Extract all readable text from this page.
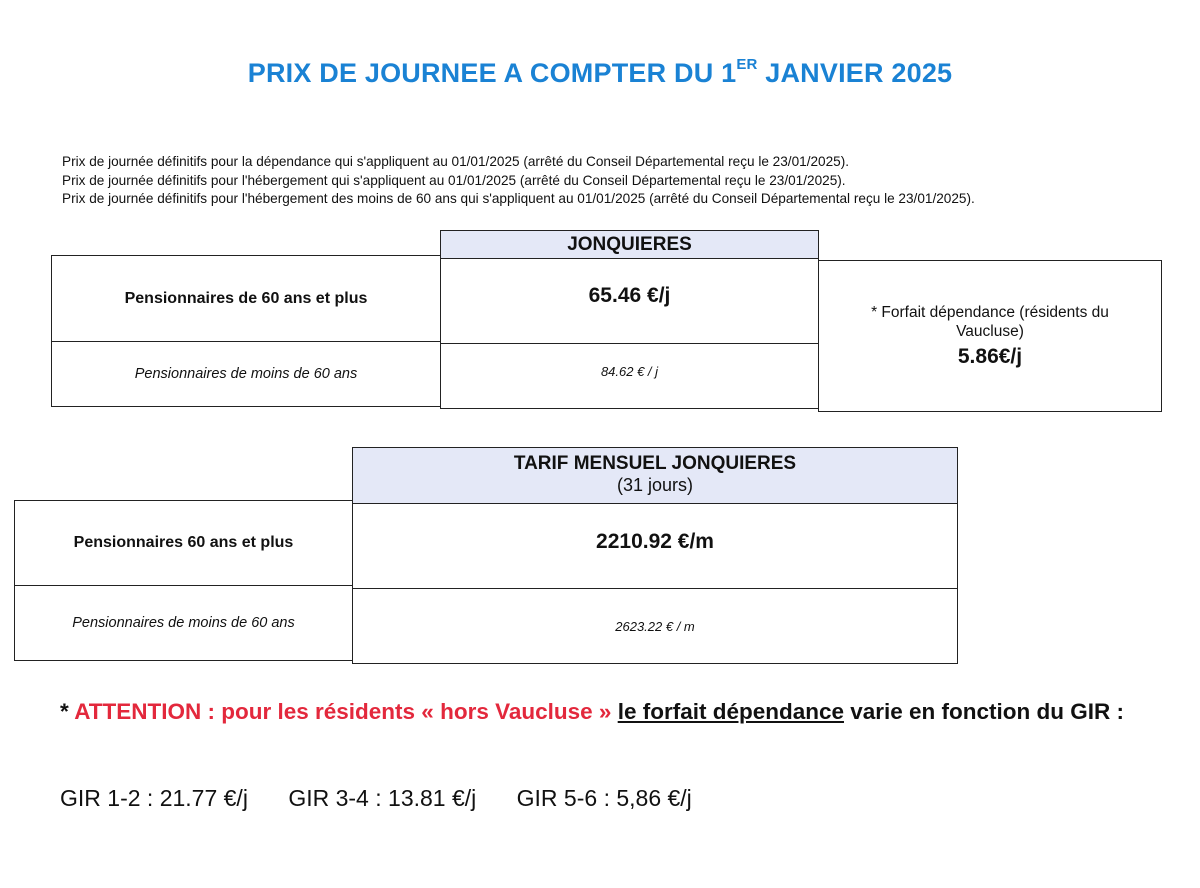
PRIX DE JOURNEE A COMPTER DU 1ER JANVIER 2025
Prix de journée définitifs pour la dépendance qui s'appliquent au 01/01/2025 (arrêté du Conseil Départemental reçu le 23/01/2025).
Prix de journée définitifs pour l'hébergement qui s'appliquent au 01/01/2025 (arrêté du Conseil Départemental reçu le 23/01/2025).
Prix de journée définitifs pour l'hébergement des moins de 60 ans qui s'appliquent au 01/01/2025 (arrêté du Conseil Départemental reçu le 23/01/2025).
JONQUIERES
Pensionnaires de 60 ans et plus	65.46 €/j
Pensionnaires de moins de 60 ans	84.62 € / j
* Forfait dépendance (résidents du Vaucluse)
5.86€/j
TARIF MENSUEL JONQUIERES
(31 jours)
Pensionnaires 60 ans et plus	2210.92 €/m
Pensionnaires de moins de 60 ans	2623.22 € / m
* ATTENTION : pour les résidents « hors Vaucluse » le forfait dépendance varie en fonction du GIR :
GIR 1-2 : 21.77 €/j GIR 3-4 : 13.81 €/j GIR 5-6 : 5,86 €/j
